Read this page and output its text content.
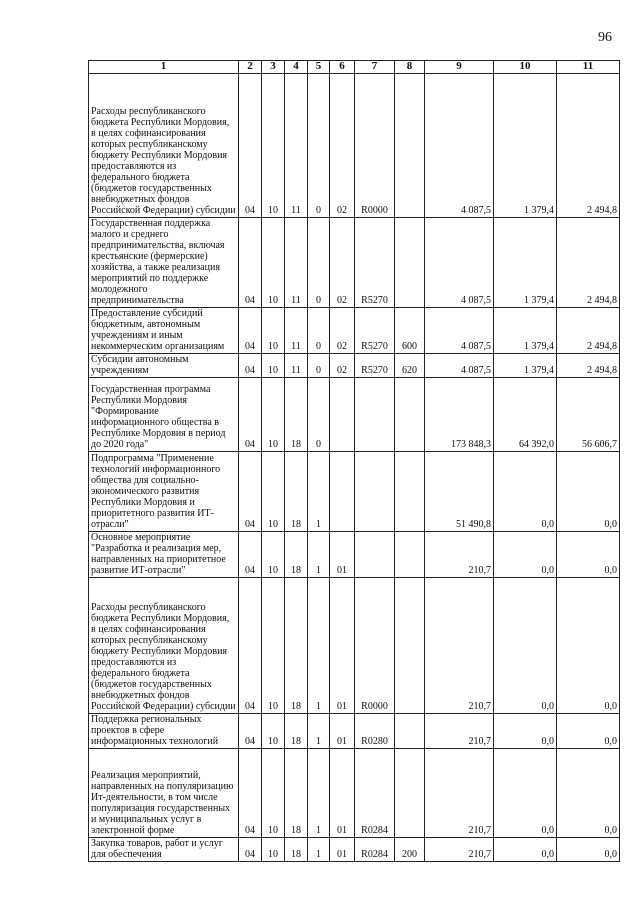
96
1	2	3	4	5	6	7	8	9	10	11
Расходы республиканского бюджета Республики Мордовия, в целях софинансирования которых республиканскому бюджету Республики Мордовия предоставляются из федерального бюджета (бюджетов государственных внебюджетных фондов Российской Федерации) субсидии	04	10	11	0	02	R0000		4 087,5	1 379,4	2 494,8
Государственная поддержка малого и среднего предпринимательства, включая крестьянские (фермерские) хозяйства, а также реализация мероприятий по поддержке молодежного предпринимательства	04	10	11	0	02	R5270		4 087,5	1 379,4	2 494,8
Предоставление субсидий бюджетным, автономным учреждениям и иным некоммерческим организациям	04	10	11	0	02	R5270	600	4 087,5	1 379,4	2 494,8
Субсидии автономным учреждениям	04	10	11	0	02	R5270	620	4 087,5	1 379,4	2 494,8
Государственная программа Республики Мордовия "Формирование информационного общества в Республике Мордовия в период до 2020 года"	04	10	18	0				173 848,3	64 392,0	56 606,7
Подпрограмма "Применение технологий информационного общества для социально-экономического развития Республики Мордовия и приоритетного развития ИТ-отрасли"	04	10	18	1				51 490,8	0,0	0,0
Основное мероприятие "Разработка и реализация мер, направленных на приоритетное развитие ИТ-отрасли"	04	10	18	1	01			210,7	0,0	0,0
Расходы республиканского бюджета Республики Мордовия, в целях софинансирования которых республиканскому бюджету Республики Мордовия предоставляются из федерального бюджета (бюджетов государственных внебюджетных фондов Российской Федерации) субсидии	04	10	18	1	01	R0000		210,7	0,0	0,0
Поддержка региональных проектов в сфере информационных технологий	04	10	18	1	01	R0280		210,7	0,0	0,0
Реализация мероприятий, направленных на популяризацию Ит-деятельности, в том числе популяризация государственных и муниципальных услуг в электронной форме	04	10	18	1	01	R0284		210,7	0,0	0,0
Закупка товаров, работ и услуг для обеспечения	04	10	18	1	01	R0284	200	210,7	0,0	0,0
